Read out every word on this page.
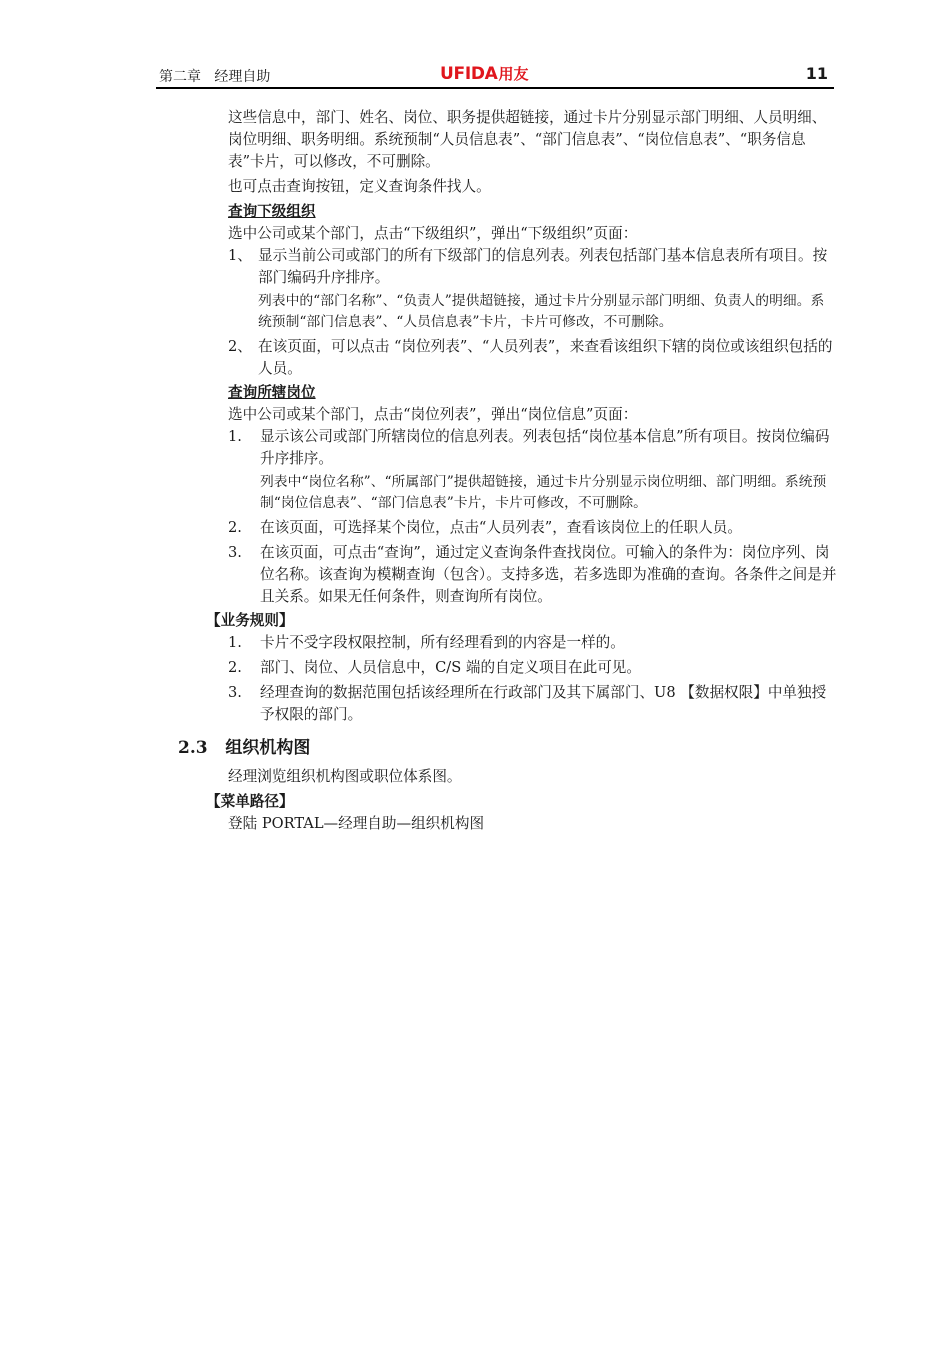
第二章   经理自助	UFIDA用友	11

这些信息中，部门、姓名、岗位、职务提供超链接，通过卡片分别显示部门明细、人员明细、岗位明细、职务明细。系统预制“人员信息表”、“部门信息表”、“岗位信息表”、“职务信息表”卡片，可以修改，不可删除。

也可点击查询按钮，定义查询条件找人。

查询下级组织

选中公司或某个部门，点击“下级组织”，弹出“下级组织”页面：

1、 显示当前公司或部门的所有下级部门的信息列表。列表包括部门基本信息表所有项目。按部门编码升序排序。

列表中的“部门名称”、“负责人”提供超链接，通过卡片分别显示部门明细、负责人的明细。系统预制“部门信息表”、“人员信息表”卡片，卡片可修改，不可删除。

2、 在该页面，可以点击 “岗位列表”、“人员列表”，来查看该组织下辖的岗位或该组织包括的人员。

查询所辖岗位

选中公司或某个部门，点击“岗位列表”，弹出“岗位信息”页面：

1.	显示该公司或部门所辖岗位的信息列表。列表包括“岗位基本信息”所有项目。按岗位编码升序排序。

列表中“岗位名称”、“所属部门”提供超链接，通过卡片分别显示岗位明细、部门明细。系统预制“岗位信息表”、“部门信息表”卡片，卡片可修改，不可删除。

2.	在该页面，可选择某个岗位，点击“人员列表”，查看该岗位上的任职人员。

3.	在该页面，可点击“查询”，通过定义查询条件查找岗位。可输入的条件为：岗位序列、岗位名称。该查询为模糊查询（包含）。支持多选，若多选即为准确的查询。各条件之间是并且关系。如果无任何条件，则查询所有岗位。

【业务规则】

1.	卡片不受字段权限控制，所有经理看到的内容是一样的。

2.	部门、岗位、人员信息中，C/S 端的自定义项目在此可见。

3.	经理查询的数据范围包括该经理所在行政部门及其下属部门、U8 【数据权限】中单独授予权限的部门。

2.3 组织机构图

经理浏览组织机构图或职位体系图。

【菜单路径】

登陆 PORTAL—经理自助—组织机构图
